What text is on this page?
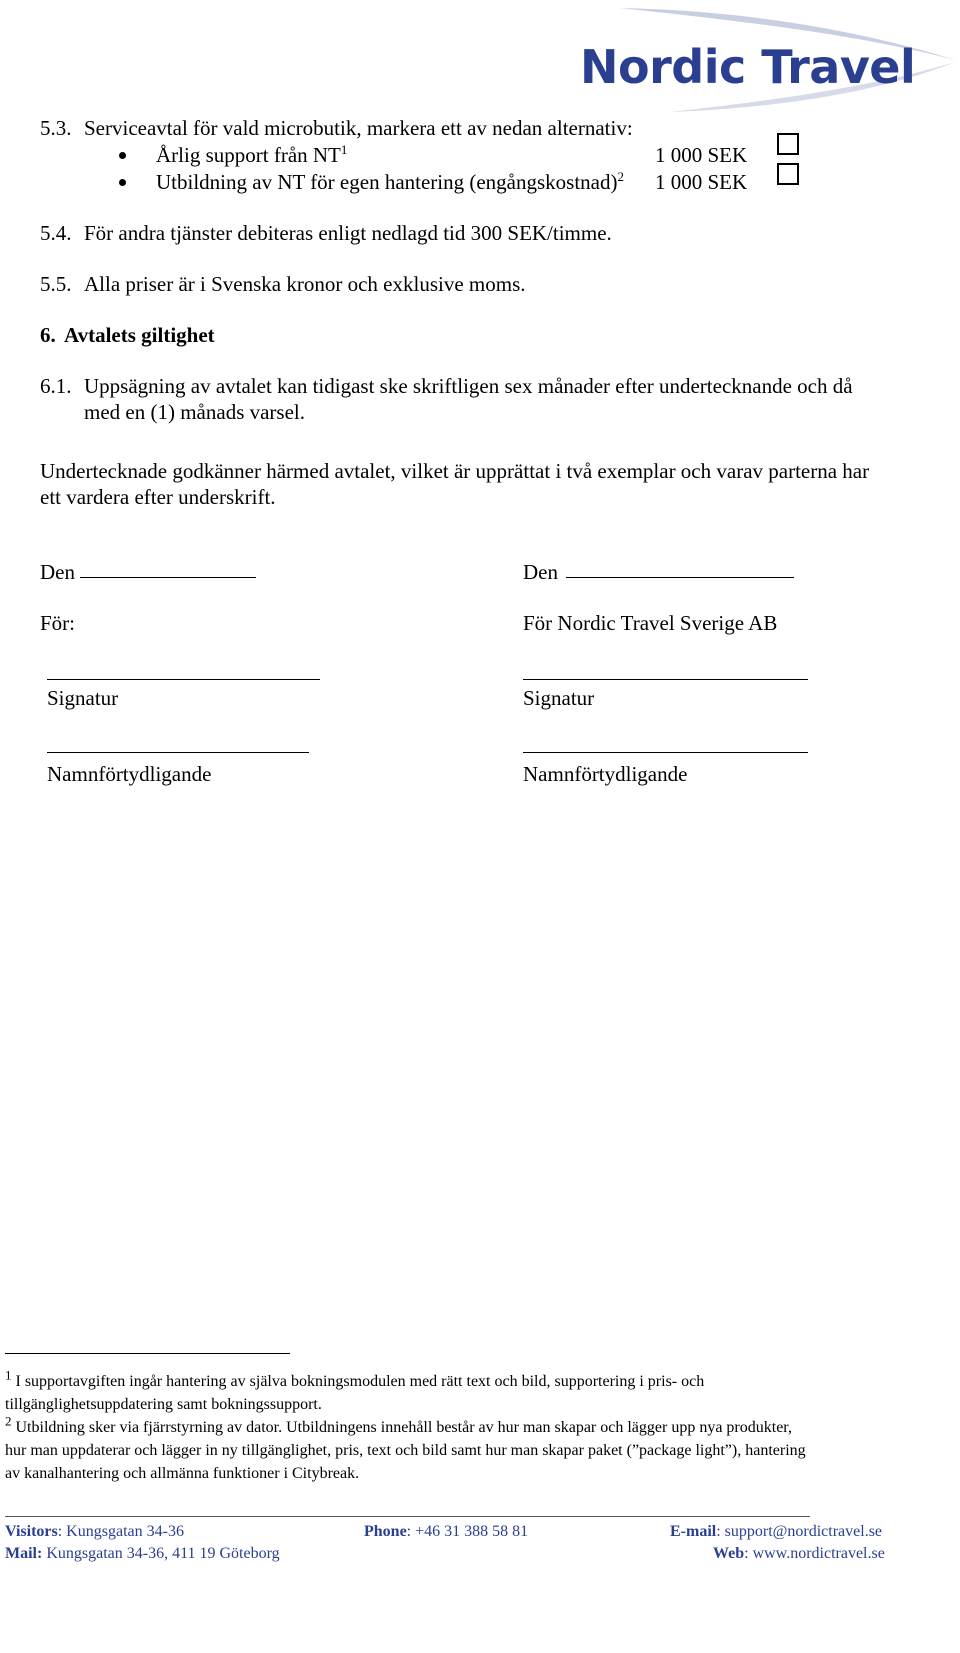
Nordic Travel
5.3. Serviceavtal för vald microbutik, markera ett av nedan alternativ:
Årlig support från $NT^1$	1 000 SEK
Utbildning av NT för egen hantering (engångskostnad)$^2$ 1 000 SEK
5.4. För andra tjänster debiteras enligt nedlagd tid 300 SEK/timme.
5.5. Alla priser är i Svenska kronor och exklusive moms.
6. Avtalets giltighet
6.1. Uppsägning av avtalet kan tidigast ske skriftligen sex månader efter undertecknande och då
med en (1) månads varsel.
Undertecknade godkänner härmed avtalet, vilket är upprättat i två exemplar och varav parterna har
ett vardera efter underskrift.
Den
För:
Signatur
Namnförtydligande
Den
För Nordic Travel Sverige AB
Signatur
Namnförtydligande
$^1$ I supportavgiften ingår hantering av själva bokningsmodulen med rätt text och bild, supportering i pris- och
tillgänglighetsuppdatering samt bokningssupport.
$^2$ Utbildning sker via fjärrstyrning av dator. Utbildningens innehåll består av hur man skapar och lägger upp nya produkter,
hur man uppdaterar och lägger in ny tillgänglighet, pris, text och bild samt hur man skapar paket (”package light”), hantering
av kanalhantering och allmänna funktioner i Citybreak.
Visitors: Kungsgatan 34-36	Phone: +46 31 388 58 81	E-mail: support@nordictravel.se
Mail: Kungsgatan 34-36, 411 19 Göteborg	Web: www.nordictravel.se
